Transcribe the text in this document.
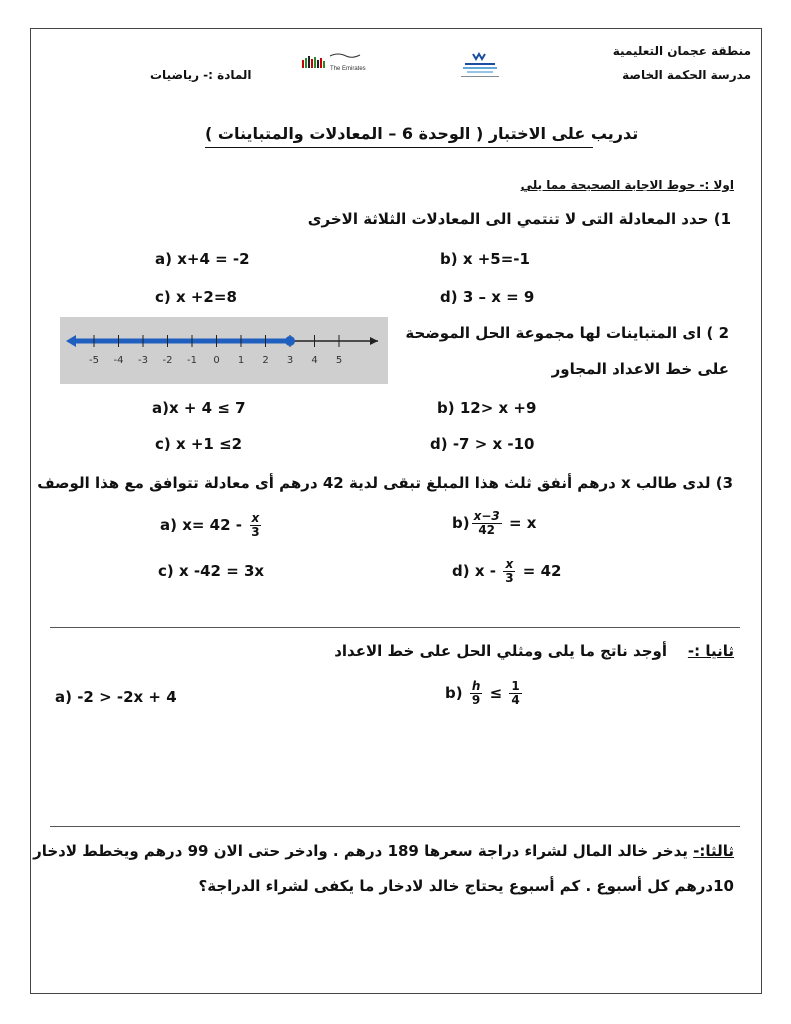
منطقة عجمان التعليمية
مدرسة الحكمة الخاصة
المادة :- رياضيات	The Emirates
تدريب على الاختبار ( الوحدة 6 – المعادلات والمتباينات )
اولا :- حوط الاجابة الصحيحة مما يلي
1) حدد المعادلة التى لا تنتمي الى المعادلات الثلاثة الاخرى
a) x+4 = -2	b) x +5=-1
c) x +2=8	d) 3 – x = 9
-5 -4 -3 -2 -1 0 1 2 3 4 5
2 ) اى المتباينات لها مجموعة الحل الموضحة
على خط الاعداد المجاور
a)x + 4 ≤ 7	b) 12> x +9
c) x +1 ≤2	d) -7 > x -10
3) لدى طالب x درهم أنفق ثلث هذا المبلغ تبقى لدية 42 درهم أى معادلة تتوافق مع هذا الوصف
a) $x= 42 - \frac{x}{3}$	$b) \frac{x-3}{42} = x$
c) x -42 = 3x	d) $x - \frac{x}{3} = 42$
ثانيا :-    أوجد ناتج ما يلى ومثلي الحل على خط الاعداد
a) -2 > -2x + 4	$b) \frac{h}{9} \le \frac{1}{4}$
ثالثا:- يدخر خالد المال لشراء دراجة سعرها 189 درهم . وادخر حتى الان 99 درهم ويخطط لادخار
10درهم كل أسبوع . كم أسبوع يحتاج خالد لادخار ما يكفى لشراء الدراجة؟
